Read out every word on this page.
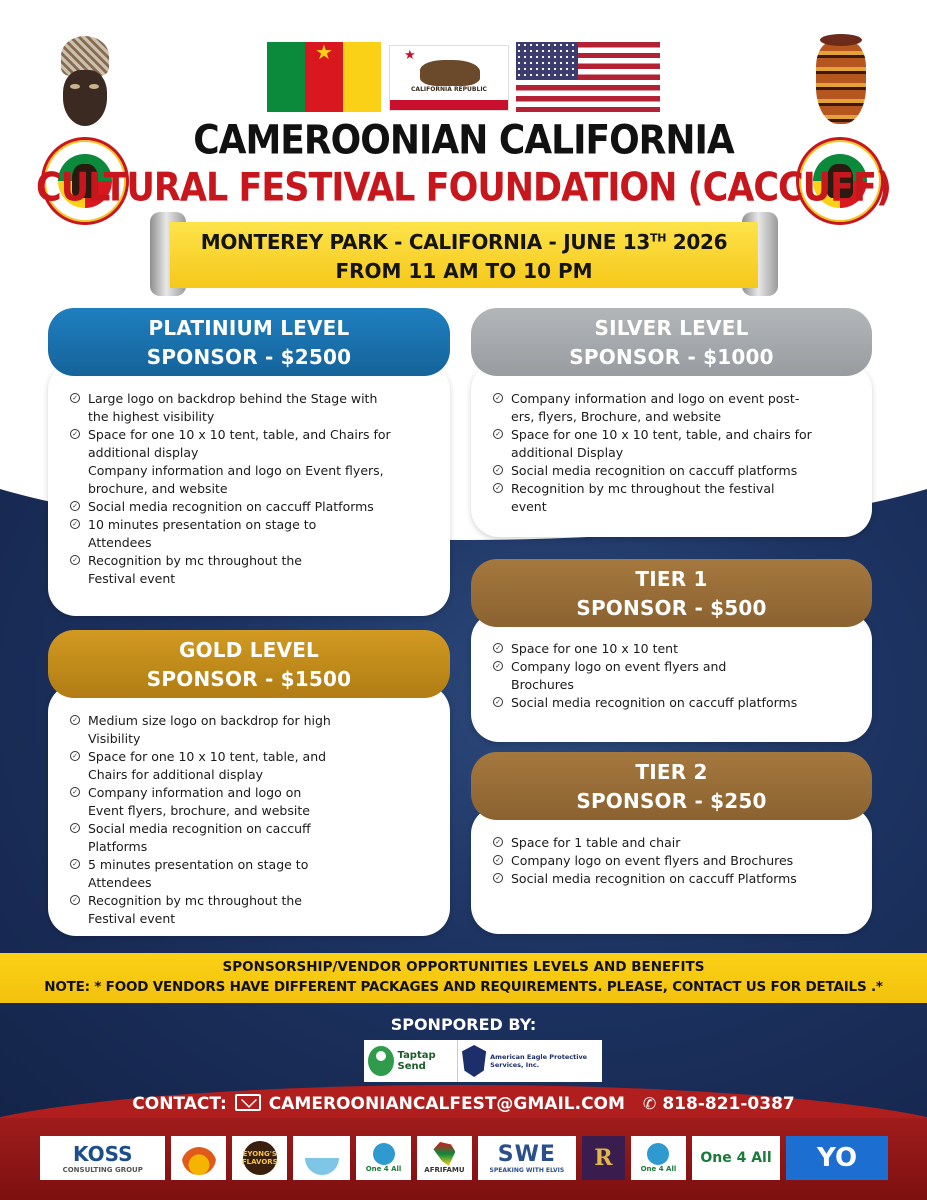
★	★
CALIFORNIA REPUBLIC
CAMEROONIAN CALIFORNIA
CULTURAL FESTIVAL FOUNDATION (CACCUFF)
MONTEREY PARK - CALIFORNIA - JUNE 13TH 2026
FROM 11 AM TO 10 PM
PLATINIUM LEVEL
SPONSOR - $2500
SILVER LEVEL
SPONSOR - $1000
GOLD LEVEL
SPONSOR - $1500
TIER 1
SPONSOR - $500
TIER 2
SPONSOR - $250
✓ Large logo on backdrop behind the Stage with
the highest visibility
✓ Space for one 10 x 10 tent, table, and Chairs for
additional display
Company information and logo on Event flyers,
brochure, and website
✓ Social media recognition on caccuff Platforms
✓ 10 minutes presentation on stage to
Attendees
✓ Recognition by mc throughout the
Festival event
✓ Company information and logo on event post-
ers, flyers, Brochure, and website
✓ Space for one 10 x 10 tent, table, and chairs for
additional Display
✓ Social media recognition on caccuff platforms
✓ Recognition by mc throughout the festival
event
✓ Medium size logo on backdrop for high
Visibility
✓ Space for one 10 x 10 tent, table, and
Chairs for additional display
✓ Company information and logo on
Event flyers, brochure, and website
✓ Social media recognition on caccuff
Platforms
✓ 5 minutes presentation on stage to
Attendees
✓ Recognition by mc throughout the
Festival event
✓ Space for one 10 x 10 tent
✓ Company logo on event flyers and
Brochures
✓ Social media recognition on caccuff platforms
✓ Space for 1 table and chair
✓ Company logo on event flyers and Brochures
✓ Social media recognition on caccuff Platforms
SPONSORSHIP/VENDOR OPPORTUNITIES LEVELS AND BENEFITS
NOTE: * FOOD VENDORS HAVE DIFFERENT PACKAGES AND REQUIREMENTS. PLEASE, CONTACT US FOR DETAILS .*
SPONPORED BY:
Taptap Send
American Eagle Protective Services, Inc.
CONTACT: CAMEROONIANCALFEST@GMAIL.COM ✆ 818-821-0387
KOSS
CONSULTING GROUP
EYONG'S FLAVORS
One 4 All	AFRIFAMU
SWE
SPEAKING WITH ELVIS R	One 4 All
One 4 All YO
